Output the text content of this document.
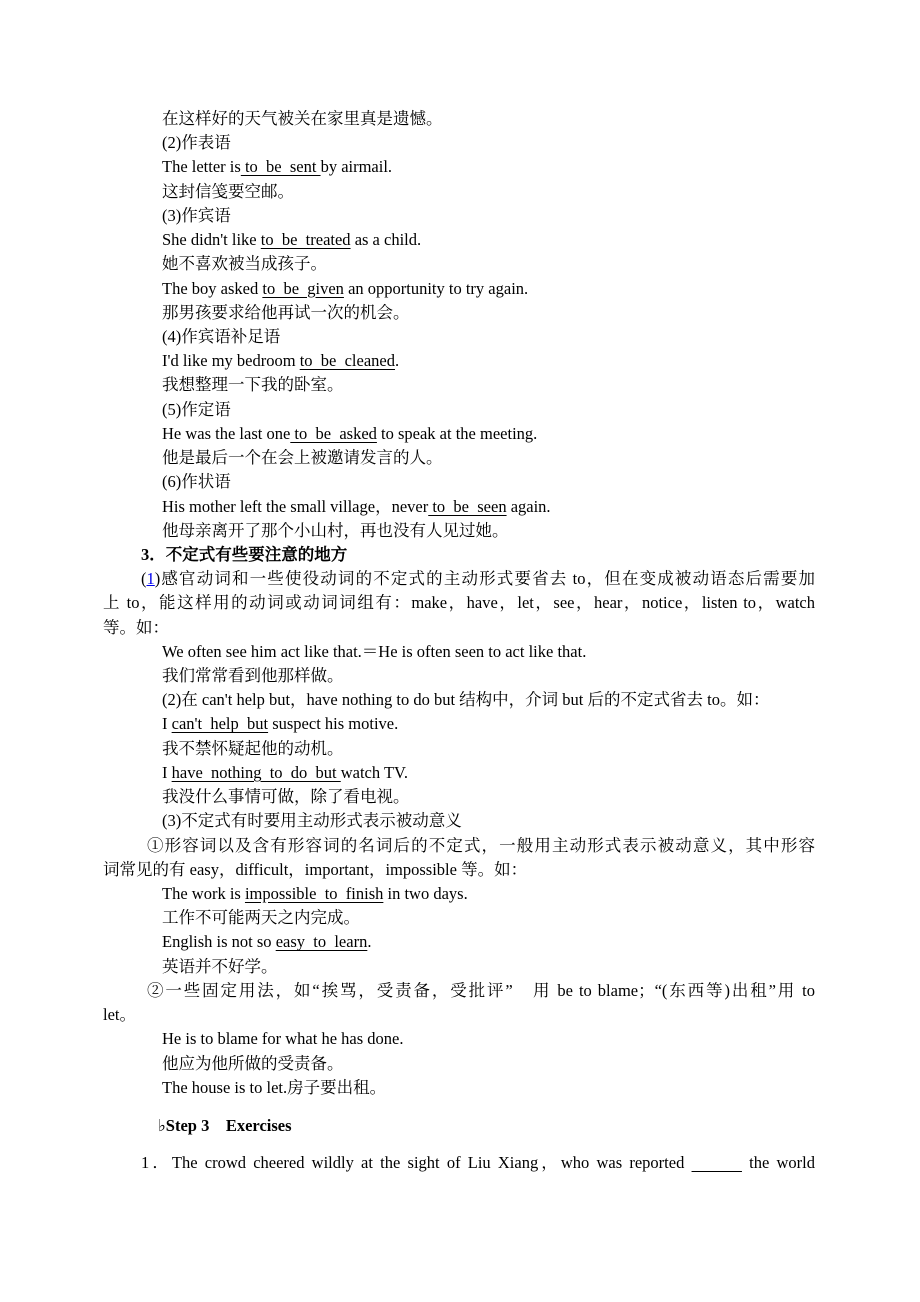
在这样好的天气被关在家里真是遗憾。
(2)作表语
The letter is to  be  sent by airmail.
这封信笺要空邮。
(3)作宾语
She didn't like to  be  treated as a child.
她不喜欢被当成孩子。
The boy asked to  be  given an opportunity to try again.
那男孩要求给他再试一次的机会。
(4)作宾语补足语
I'd like my bedroom to  be  cleaned.
我想整理一下我的卧室。
(5)作定语
He was the last one to  be  asked to speak at the meeting.
他是最后一个在会上被邀请发言的人。
(6)作状语
His mother left the small village，never to  be  seen again.
他母亲离开了那个小山村，再也没有人见过她。
3．不定式有些要注意的地方
(1)感官动词和一些使役动词的不定式的主动形式要省去 to，但在变成被动语态后需要加
上 to，能这样用的动词或动词词组有：make，have，let，see，hear，notice，listen to，watch
等。如：
We often see him act like that.＝He is often seen to act like that.
我们常常看到他那样做。
(2)在 can't help but，have nothing to do but 结构中，介词 but 后的不定式省去 to。如：
I can't  help  but suspect his motive.
我不禁怀疑起他的动机。
I have  nothing  to  do  but watch TV.
我没什么事情可做，除了看电视。
(3)不定式有时要用主动形式表示被动意义
①形容词以及含有形容词的名词后的不定式，一般用主动形式表示被动意义，其中形容
词常见的有 easy，difficult，important，impossible 等。如：
The work is impossible  to  finish in two days.
工作不可能两天之内完成。
English is not so easy  to  learn.
英语并不好学。
②一些固定用法，如“挨骂，受责备，受批评”　用 be to blame；“(东西等)出租”用 to
let。
He is to blame for what he has done.
他应为他所做的受责备。
The house is to let.房子要出租。
♭Step 3　Exercises
1．The crowd cheered wildly at the sight of Liu Xiang，who was reported	the world
